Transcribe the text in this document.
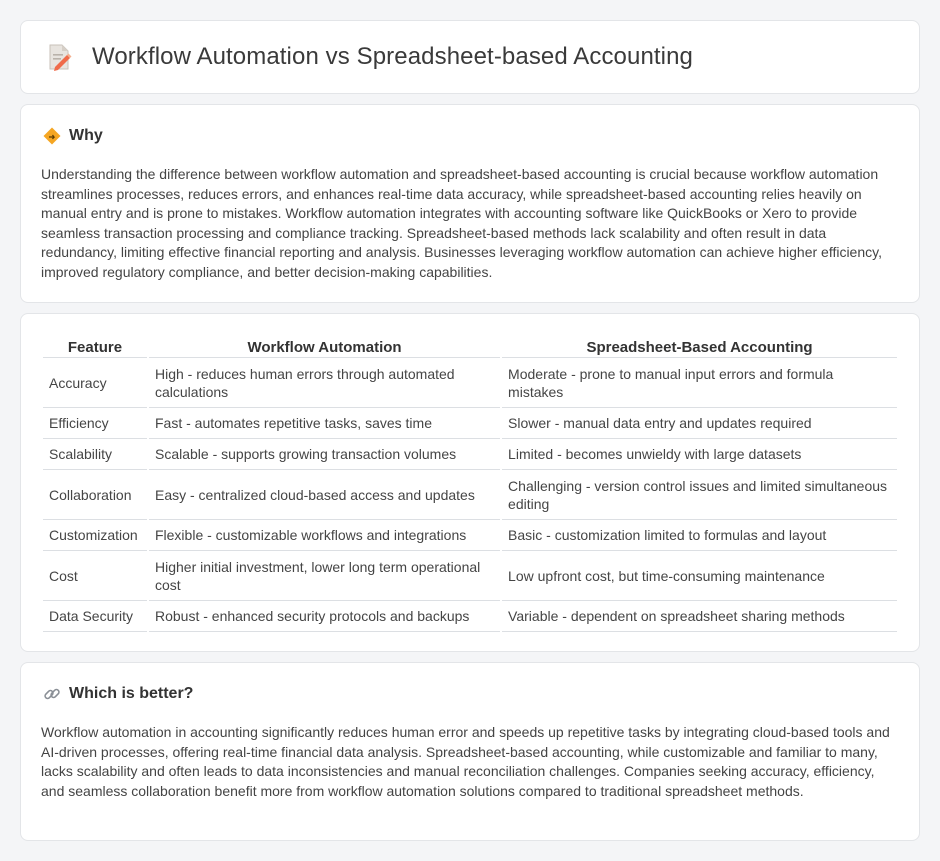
Workflow Automation vs Spreadsheet-based Accounting
Why

Understanding the difference between workflow automation and spreadsheet-based accounting is crucial because workflow automation streamlines processes, reduces errors, and enhances real-time data accuracy, while spreadsheet-based accounting relies heavily on manual entry and is prone to mistakes. Workflow automation integrates with accounting software like QuickBooks or Xero to provide seamless transaction processing and compliance tracking. Spreadsheet-based methods lack scalability and often result in data redundancy, limiting effective financial reporting and analysis. Businesses leveraging workflow automation can achieve higher efficiency, improved regulatory compliance, and better decision-making capabilities.

Feature	Workflow Automation	Spreadsheet-Based Accounting
Accuracy	High - reduces human errors through automated calculations	Moderate - prone to manual input errors and formula mistakes
Efficiency	Fast - automates repetitive tasks, saves time	Slower - manual data entry and updates required
Scalability	Scalable - supports growing transaction volumes	Limited - becomes unwieldy with large datasets
Collaboration	Easy - centralized cloud-based access and updates	Challenging - version control issues and limited simultaneous editing
Customization	Flexible - customizable workflows and integrations	Basic - customization limited to formulas and layout
Cost	Higher initial investment, lower long term operational cost	Low upfront cost, but time-consuming maintenance
Data Security	Robust - enhanced security protocols and backups	Variable - dependent on spreadsheet sharing methods
Which is better?

Workflow automation in accounting significantly reduces human error and speeds up repetitive tasks by integrating cloud-based tools and AI-driven processes, offering real-time financial data analysis. Spreadsheet-based accounting, while customizable and familiar to many, lacks scalability and often leads to data inconsistencies and manual reconciliation challenges. Companies seeking accuracy, efficiency, and seamless collaboration benefit more from workflow automation solutions compared to traditional spreadsheet methods.
